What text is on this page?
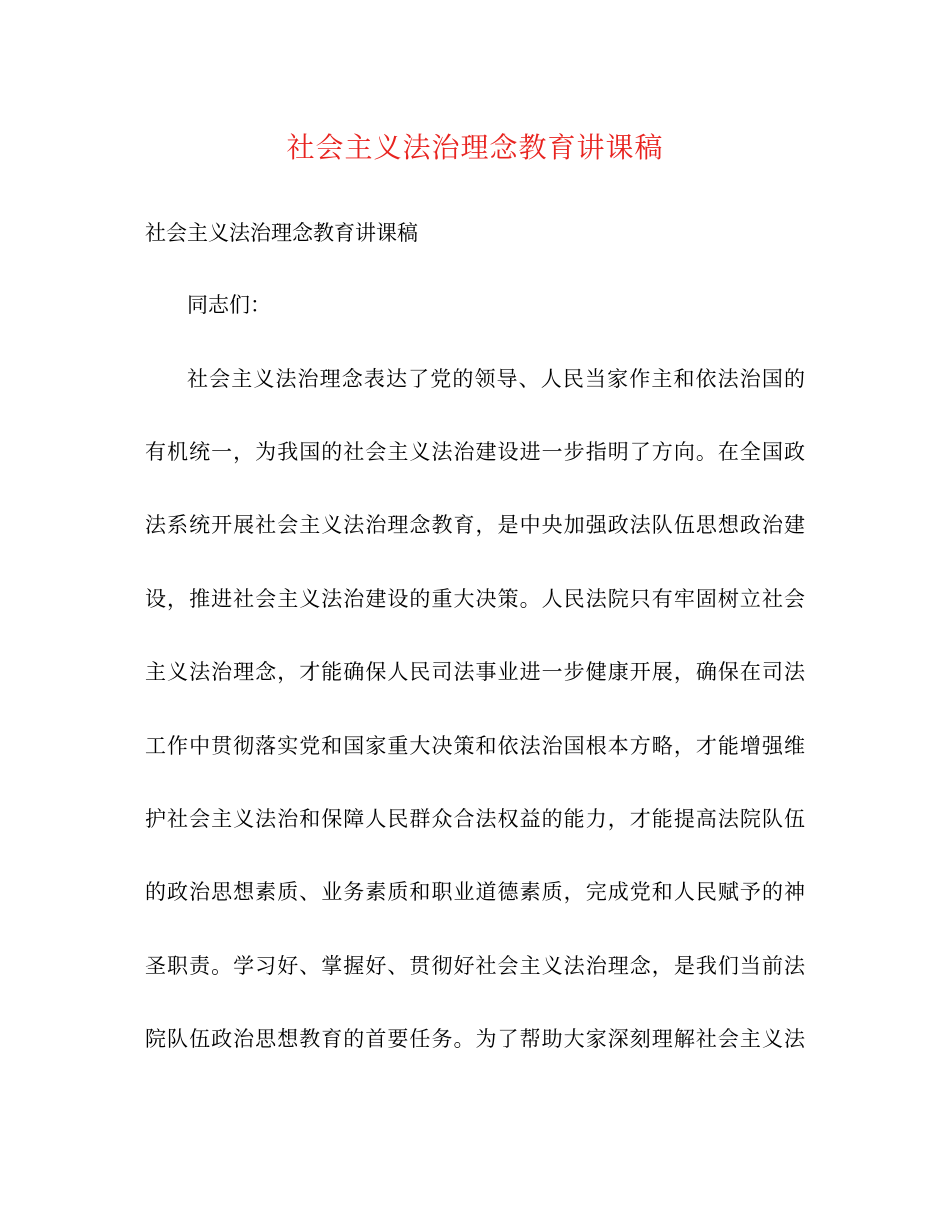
社会主义法治理念教育讲课稿

社会主义法治理念教育讲课稿

同志们：

社会主义法治理念表达了党的领导、人民当家作主和依法治国的

有机统一，为我国的社会主义法治建设进一步指明了方向。在全国政

法系统开展社会主义法治理念教育，是中央加强政法队伍思想政治建

设，推进社会主义法治建设的重大决策。人民法院只有牢固树立社会

主义法治理念，才能确保人民司法事业进一步健康开展，确保在司法

工作中贯彻落实党和国家重大决策和依法治国根本方略，才能增强维

护社会主义法治和保障人民群众合法权益的能力，才能提高法院队伍

的政治思想素质、业务素质和职业道德素质，完成党和人民赋予的神

圣职责。学习好、掌握好、贯彻好社会主义法治理念，是我们当前法

院队伍政治思想教育的首要任务。为了帮助大家深刻理解社会主义法
